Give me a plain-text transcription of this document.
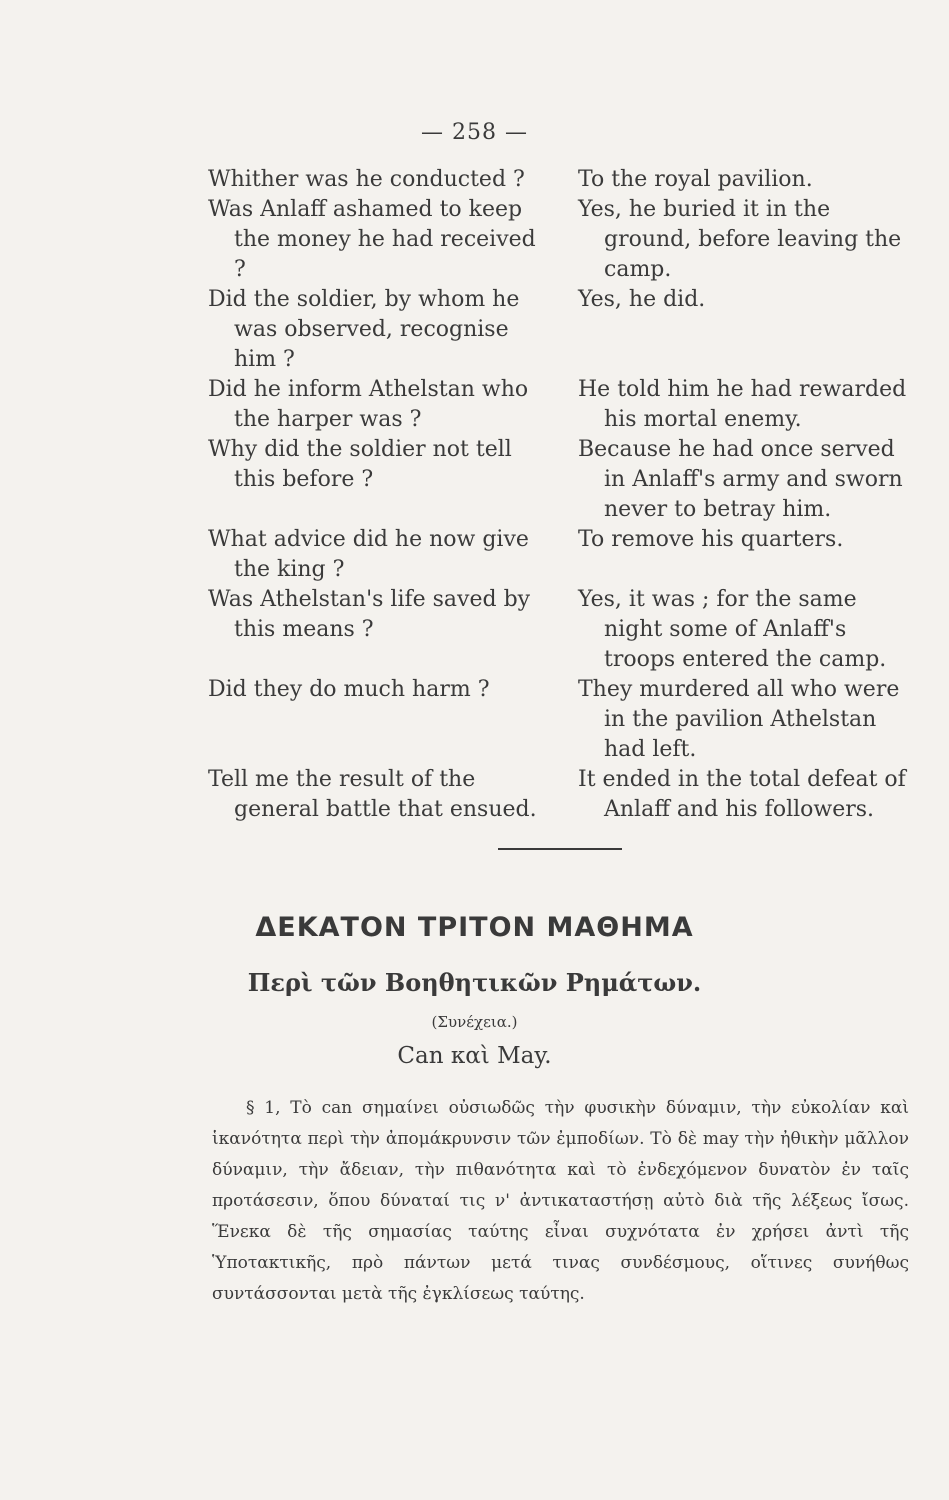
— 258 —

Whither was he conducted ?	To the royal pavilion.

Was Anlaff ashamed to keep the money he had received ?

Yes, he buried it in the ground, before leaving the camp.

Did the soldier, by whom he was observed, recognise him ?

Yes, he did.

Did he inform Athelstan who the harper was ?

He told him he had rewarded his mortal enemy.

Why did the soldier not tell this before ?

Because he had once served in Anlaff's army and sworn never to betray him.

What advice did he now give the king ?

To remove his quarters.

Was Athelstan's life saved by this means ?

Yes, it was ; for the same night some of Anlaff's troops entered the camp.

Did they do much harm ?	They murdered all who were in the pavilion Athelstan had left.

Tell me the result of the general battle that ensued.

It ended in the total defeat of Anlaff and his followers.

ΔΕΚΑΤΟΝ ΤΡΙΤΟΝ ΜΑΘΗΜΑ
Περὶ τῶν Βοηθητικῶν Ρημάτων.
(Συνέχεια.)
Can καὶ May.

§ 1, Τὸ can σημαίνει οὐσιωδῶς τὴν φυσικὴν δύναμιν, τὴν εὐκολίαν καὶ ἱκανότητα περὶ τὴν ἀπομάκρυνσιν τῶν ἐμποδίων. Τὸ δὲ may τὴν ἠθικὴν μᾶλλον δύναμιν, τὴν ἄδειαν, τὴν πιθανότητα καὶ τὸ ἐνδεχόμενον δυνατὸν ἐν ταῖς προτάσεσιν, ὅπου δύναταί τις ν' ἀντικαταστήσῃ αὐτὸ διὰ τῆς λέξεως ἴσως. Ἕνεκα δὲ τῆς σημασίας ταύτης εἶναι συχνότατα ἐν χρήσει ἀντὶ τῆς Ὑποτακτικῆς, πρὸ πάντων μετά τινας συνδέσμους, οἵτινες συνήθως συντάσσονται μετὰ τῆς ἐγκλίσεως ταύτης.
